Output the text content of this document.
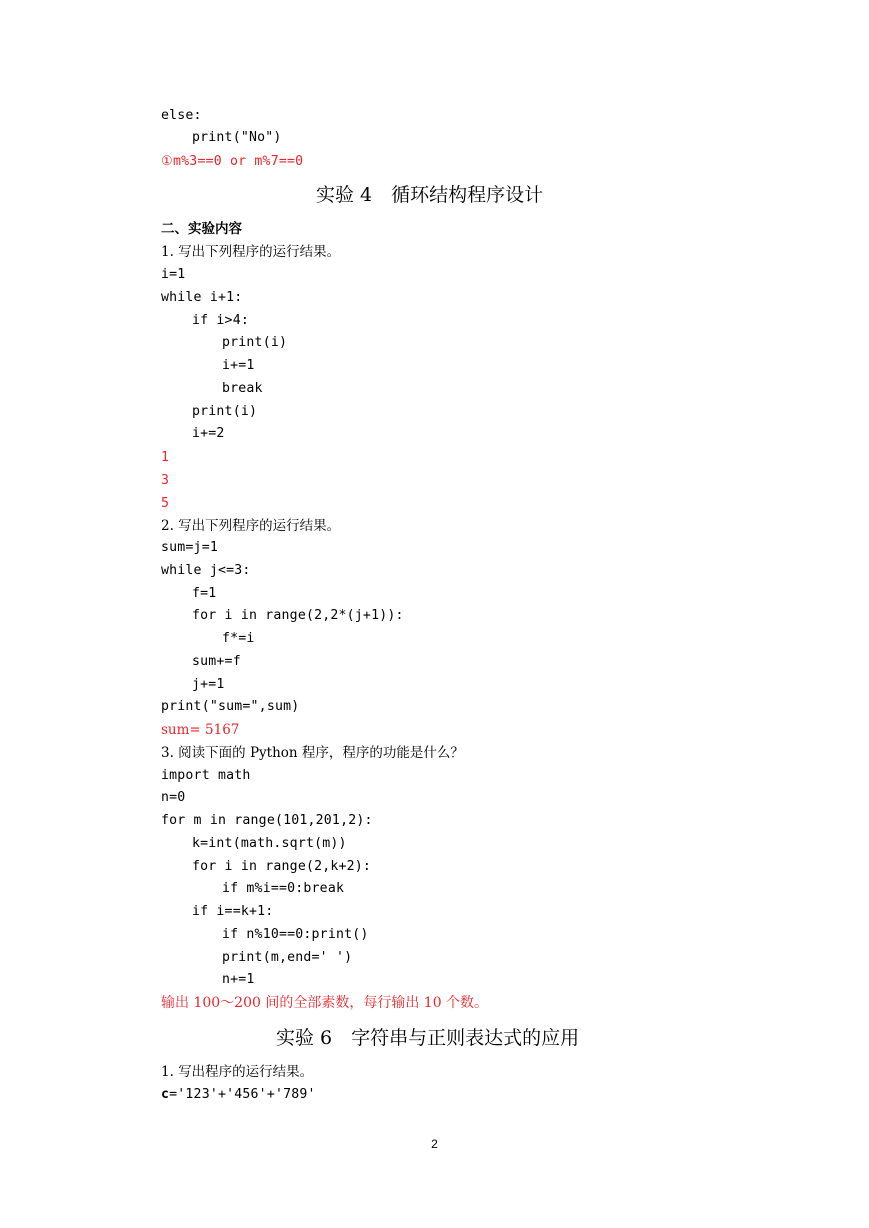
else:
print("No")
①m%3==0 or m%7==0
实验 4　循环结构程序设计
二、实验内容
1. 写出下列程序的运行结果。
i=1
while i+1:
if i>4:
print(i)
i+=1
break
print(i)
i+=2
1
3
5
2. 写出下列程序的运行结果。
sum=j=1
while j<=3:
f=1
for i in range(2,2*(j+1)):
f*=i
sum+=f
j+=1
print("sum=",sum)
sum= 5167
3. 阅读下面的 Python 程序，程序的功能是什么？
import math
n=0
for m in range(101,201,2):
k=int(math.sqrt(m))
for i in range(2,k+2):
if m%i==0:break
if i==k+1:
if n%10==0:print()
print(m,end=' ')
n+=1
输出 100～200 间的全部素数，每行输出 10 个数。
实验 6　字符串与正则表达式的应用
1. 写出程序的运行结果。
c='123'+'456'+'789'
2
